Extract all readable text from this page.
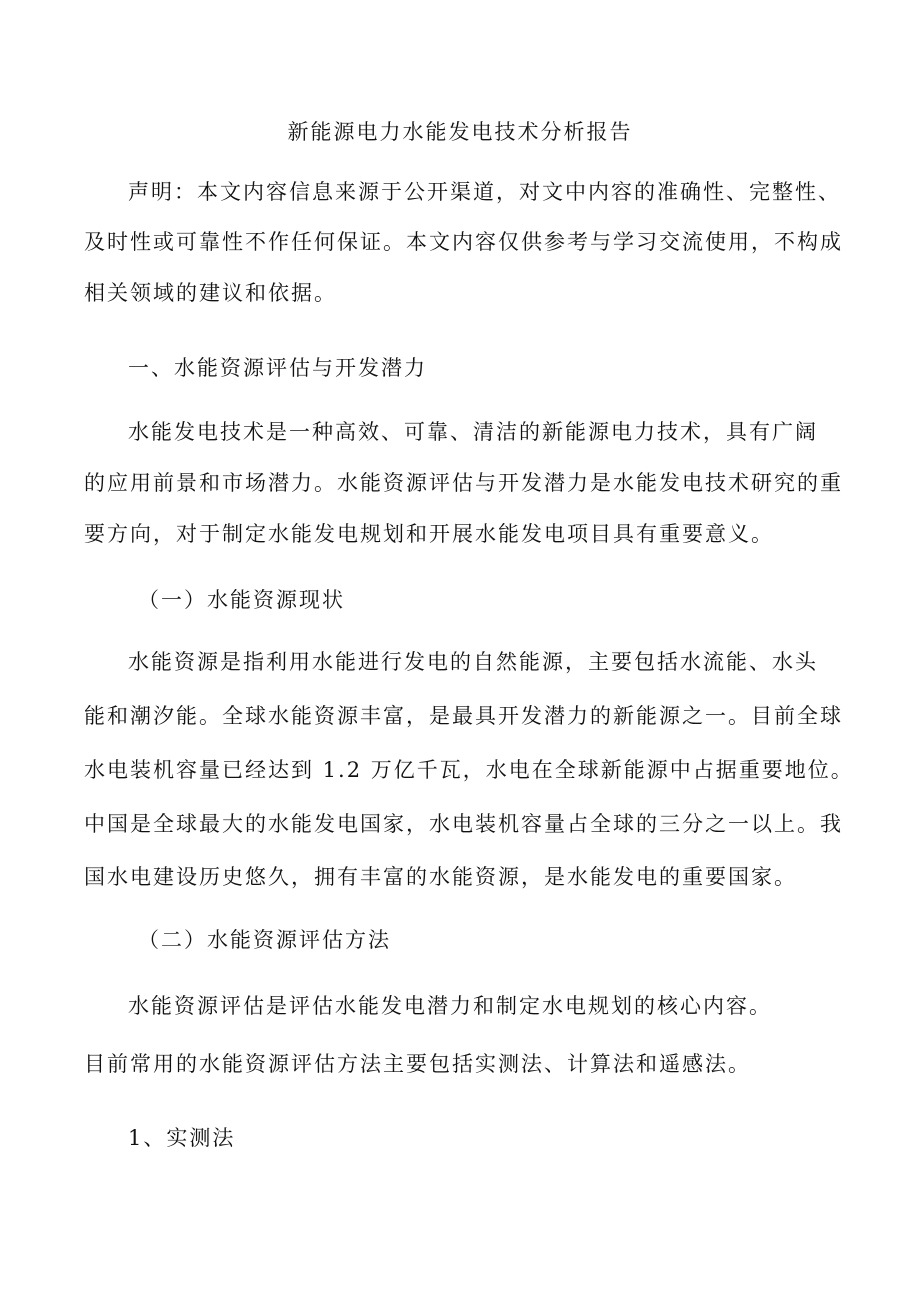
新能源电力水能发电技术分析报告
声明：本文内容信息来源于公开渠道，对文中内容的准确性、完整性、
及时性或可靠性不作任何保证。本文内容仅供参考与学习交流使用，不构成
相关领域的建议和依据。
一、水能资源评估与开发潜力
水能发电技术是一种高效、可靠、清洁的新能源电力技术，具有广阔
的应用前景和市场潜力。水能资源评估与开发潜力是水能发电技术研究的重
要方向，对于制定水能发电规划和开展水能发电项目具有重要意义。
（一）水能资源现状
水能资源是指利用水能进行发电的自然能源，主要包括水流能、水头
能和潮汐能。全球水能资源丰富，是最具开发潜力的新能源之一。目前全球
水电装机容量已经达到 1.2 万亿千瓦，水电在全球新能源中占据重要地位。
中国是全球最大的水能发电国家，水电装机容量占全球的三分之一以上。我
国水电建设历史悠久，拥有丰富的水能资源，是水能发电的重要国家。
（二）水能资源评估方法
水能资源评估是评估水能发电潜力和制定水电规划的核心内容。
目前常用的水能资源评估方法主要包括实测法、计算法和遥感法。
1、实测法
